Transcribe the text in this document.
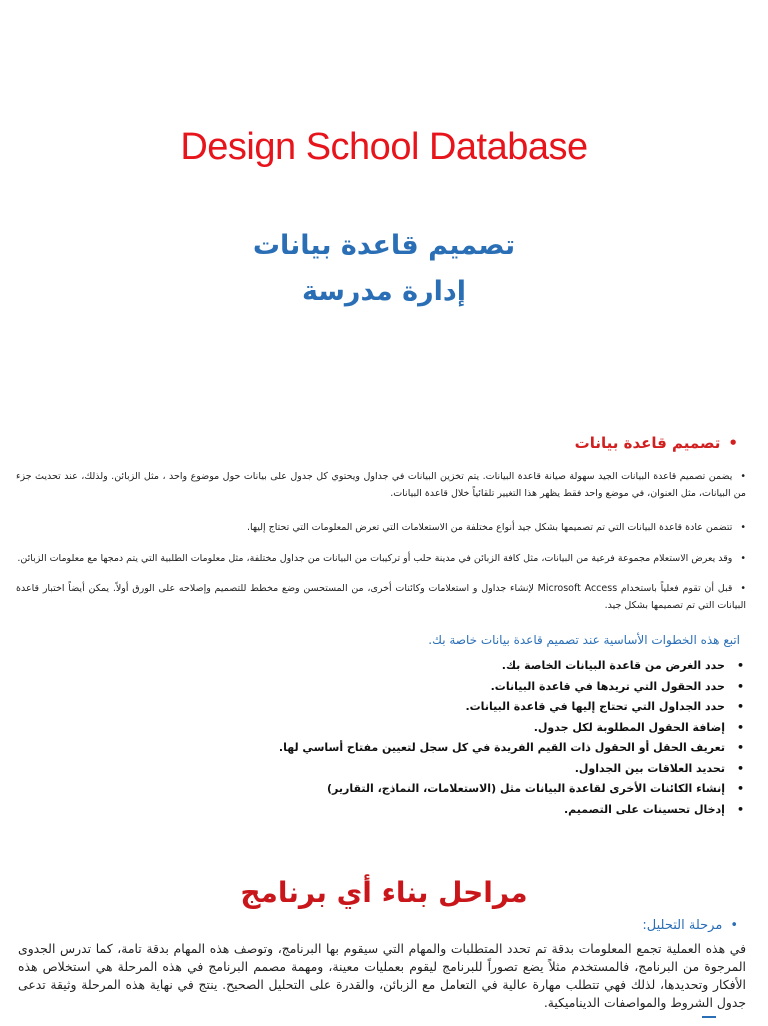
Design School Database
تصميم قاعدة بيانات
إدارة مدرسة
•تصميم قاعدة بيانات
•يضمن تصميم قاعدة البيانات الجيد سهولة صيانة قاعدة البيانات. يتم تخزين البيانات في جداول ويحتوي كل جدول على بيانات حول موضوع واحد ، مثل الزبائن. ولذلك، عند تحديث جزء من البيانات، مثل العنوان، في موضع واحد فقط يظهر هذا التغيير تلقائياً خلال قاعدة البيانات.
•تتضمن عادة قاعدة البيانات التي تم تصميمها بشكل جيد أنواع مختلفة من الاستعلامات التي تعرض المعلومات التي تحتاج إليها.
•وقد يعرض الاستعلام مجموعة فرعية من البيانات، مثل كافة الزبائن في مدينة حلب أو تركيبات من البيانات من جداول مختلفة، مثل معلومات الطلبية التي يتم دمجها مع معلومات الزبائن.
•قبل أن تقوم فعلياً باستخدام Microsoft Access لإنشاء جداول و استعلامات وكائنات أخرى، من المستحسن وضع مخطط للتصميم وإصلاحه على الورق أولاً. يمكن أيضاً اختبار قاعدة البيانات التي تم تصميمها بشكل جيد.
اتبع هذه الخطوات الأساسية عند تصميم قاعدة بيانات خاصة بك.
• حدد الغرض من قاعدة البيانات الخاصة بك.
• حدد الحقول التي تريدها في قاعدة البيانات.
• حدد الجداول التي تحتاج إليها في قاعدة البيانات.
• إضافة الحقول المطلوبة لكل جدول.
• تعريف الحقل أو الحقول ذات القيم الفريدة في كل سجل لتعيين مفتاح أساسي لها.
• تحديد العلاقات بين الجداول.
• إنشاء الكائنات الأخرى لقاعدة البيانات مثل (الاستعلامات، النماذج، التقارير)
• إدخال تحسينات على التصميم.
مراحل بناء أي برنامج
•مرحلة التحليل:
في هذه العملية تجمع المعلومات بدقة تم تحدد المتطلبات والمهام التي سيقوم بها البرنامج، وتوصف هذه المهام بدقة تامة، كما تدرس الجدوى المرجوة من البرنامج، فالمستخدم مثلاً يضع تصوراً للبرنامج ليقوم بعمليات معينة، ومهمة مصمم البرنامج في هذه المرحلة هي استخلاص هذه الأفكار وتحديدها، لذلك فهي تتطلب مهارة عالية في التعامل مع الزبائن، والقدرة على التحليل الصحيح. ينتج في نهاية هذه المرحلة وثيقة تدعى جدول الشروط والمواصفات الديناميكية.
